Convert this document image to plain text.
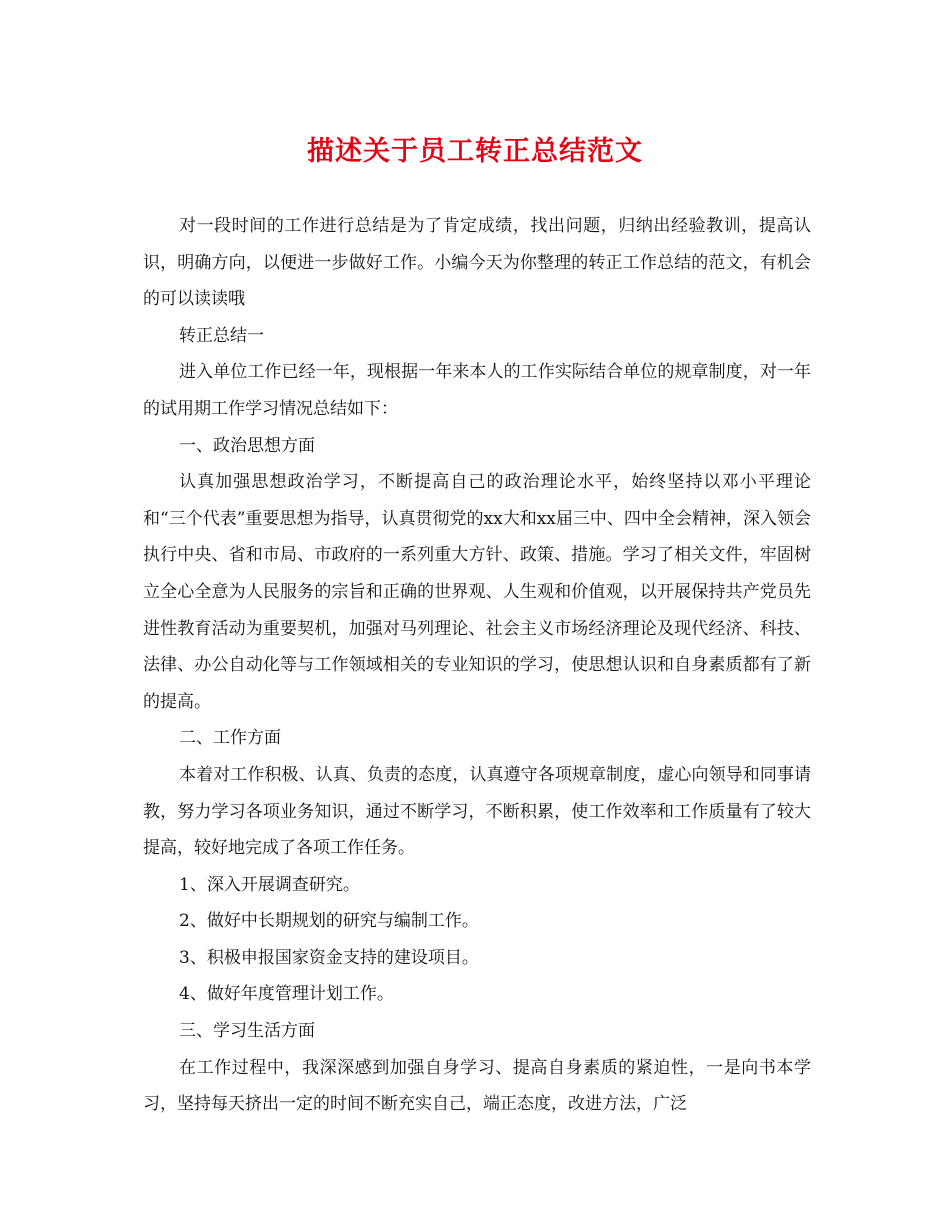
描述关于员工转正总结范文

对一段时间的工作进行总结是为了肯定成绩，找出问题，归纳出经验教训，提高认识，明确方向，以便进一步做好工作。小编今天为你整理的转正工作总结的范文，有机会的可以读读哦

转正总结一

进入单位工作已经一年，现根据一年来本人的工作实际结合单位的规章制度，对一年的试用期工作学习情况总结如下：

一、政治思想方面

认真加强思想政治学习，不断提高自己的政治理论水平，始终坚持以邓小平理论和“三个代表”重要思想为指导，认真贯彻党的xx大和xx届三中、四中全会精神，深入领会执行中央、省和市局、市政府的一系列重大方针、政策、措施。学习了相关文件，牢固树立全心全意为人民服务的宗旨和正确的世界观、人生观和价值观，以开展保持共产党员先进性教育活动为重要契机，加强对马列理论、社会主义市场经济理论及现代经济、科技、法律、办公自动化等与工作领域相关的专业知识的学习，使思想认识和自身素质都有了新的提高。

二、工作方面

本着对工作积极、认真、负责的态度，认真遵守各项规章制度，虚心向领导和同事请教，努力学习各项业务知识，通过不断学习，不断积累，使工作效率和工作质量有了较大提高，较好地完成了各项工作任务。

1、深入开展调查研究。

2、做好中长期规划的研究与编制工作。

3、积极申报国家资金支持的建设项目。

4、做好年度管理计划工作。

三、学习生活方面

在工作过程中，我深深感到加强自身学习、提高自身素质的紧迫性，一是向书本学习，坚持每天挤出一定的时间不断充实自己，端正态度，改进方法，广泛
